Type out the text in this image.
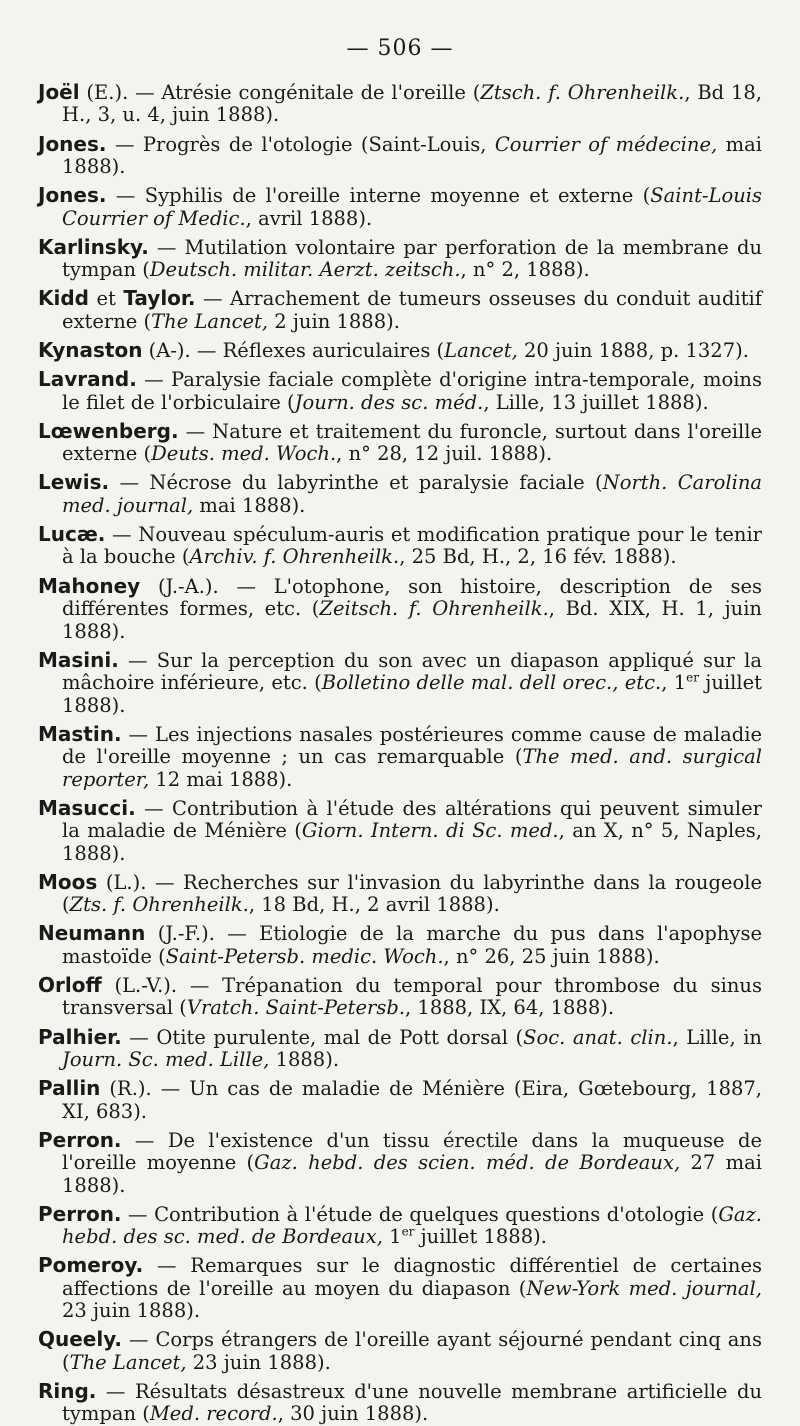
— 506 —
Joël (E.). — Atrésie congénitale de l'oreille (Ztsch. f. Ohrenheilk., Bd 18, H., 3, u. 4, juin 1888).
Jones. — Progrès de l'otologie (Saint-Louis, Courrier of médecine, mai 1888).
Jones. — Syphilis de l'oreille interne moyenne et externe (Saint-Louis Courrier of Medic., avril 1888).
Karlinsky. — Mutilation volontaire par perforation de la membrane du tympan (Deutsch. militar. Aerzt. zeitsch., n° 2, 1888).
Kidd et Taylor. — Arrachement de tumeurs osseuses du conduit auditif externe (The Lancet, 2 juin 1888).
Kynaston (A-). — Réflexes auriculaires (Lancet, 20 juin 1888, p. 1327).
Lavrand. — Paralysie faciale complète d'origine intra-temporale, moins le filet de l'orbiculaire (Journ. des sc. méd., Lille, 13 juillet 1888).
Lœwenberg. — Nature et traitement du furoncle, surtout dans l'oreille externe (Deuts. med. Woch., n° 28, 12 juil. 1888).
Lewis. — Nécrose du labyrinthe et paralysie faciale (North. Carolina med. journal, mai 1888).
Lucæ. — Nouveau spéculum-auris et modification pratique pour le tenir à la bouche (Archiv. f. Ohrenheilk., 25 Bd, H., 2, 16 fév. 1888).
Mahoney (J.-A.). — L'otophone, son histoire, description de ses différentes formes, etc. (Zeitsch. f. Ohrenheilk., Bd. XIX, H. 1, juin 1888).
Masini. — Sur la perception du son avec un diapason appliqué sur la mâchoire inférieure, etc. (Bolletino delle mal. dell orec., etc., 1er juillet 1888).
Mastin. — Les injections nasales postérieures comme cause de maladie de l'oreille moyenne ; un cas remarquable (The med. and. surgical reporter, 12 mai 1888).
Masucci. — Contribution à l'étude des altérations qui peuvent simuler la maladie de Ménière (Giorn. Intern. di Sc. med., an X, n° 5, Naples, 1888).
Moos (L.). — Recherches sur l'invasion du labyrinthe dans la rougeole (Zts. f. Ohrenheilk., 18 Bd, H., 2 avril 1888).
Neumann (J.-F.). — Etiologie de la marche du pus dans l'apophyse mastoïde (Saint-Petersb. medic. Woch., n° 26, 25 juin 1888).
Orloff (L.-V.). — Trépanation du temporal pour thrombose du sinus transversal (Vratch. Saint-Petersb., 1888, IX, 64, 1888).
Palhier. — Otite purulente, mal de Pott dorsal (Soc. anat. clin., Lille, in Journ. Sc. med. Lille, 1888).
Pallin (R.). — Un cas de maladie de Ménière (Eira, Gœtebourg, 1887, XI, 683).
Perron. — De l'existence d'un tissu érectile dans la muqueuse de l'oreille moyenne (Gaz. hebd. des scien. méd. de Bordeaux, 27 mai 1888).
Perron. — Contribution à l'étude de quelques questions d'otologie (Gaz. hebd. des sc. med. de Bordeaux, 1er juillet 1888).
Pomeroy. — Remarques sur le diagnostic différentiel de certaines affections de l'oreille au moyen du diapason (New-York med. journal, 23 juin 1888).
Queely. — Corps étrangers de l'oreille ayant séjourné pendant cinq ans (The Lancet, 23 juin 1888).
Ring. — Résultats désastreux d'une nouvelle membrane artificielle du tympan (Med. record., 30 juin 1888).
